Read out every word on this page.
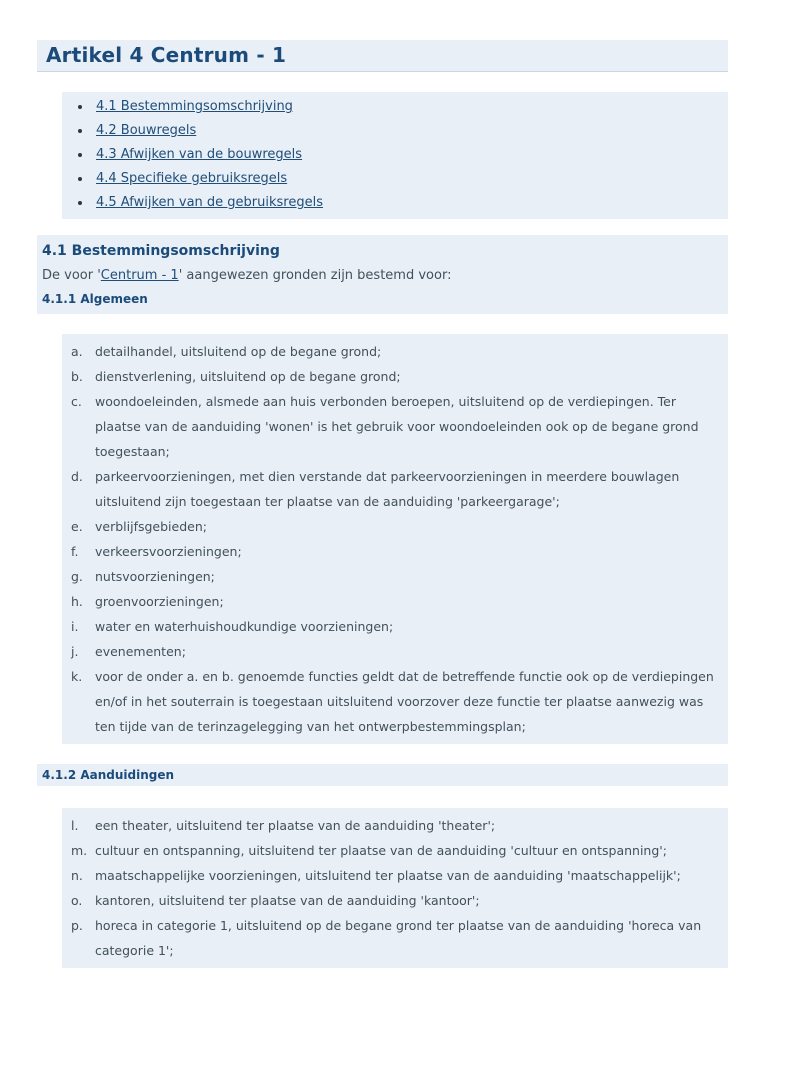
Artikel 4 Centrum - 1
4.1 Bestemmingsomschrijving
4.2 Bouwregels
4.3 Afwijken van de bouwregels
4.4 Specifieke gebruiksregels
4.5 Afwijken van de gebruiksregels
4.1 Bestemmingsomschrijving

De voor 'Centrum - 1' aangewezen gronden zijn bestemd voor:

4.1.1 Algemeen
a. detailhandel, uitsluitend op de begane grond;
b. dienstverlening, uitsluitend op de begane grond;
c. woondoeleinden, alsmede aan huis verbonden beroepen, uitsluitend op de verdiepingen. Ter plaatse van de aanduiding 'wonen' is het gebruik voor woondoeleinden ook op de begane grond toegestaan;
d. parkeervoorzieningen, met dien verstande dat parkeervoorzieningen in meerdere bouwlagen uitsluitend zijn toegestaan ter plaatse van de aanduiding 'parkeergarage';
e. verblijfsgebieden;
f. verkeersvoorzieningen;
g. nutsvoorzieningen;
h. groenvoorzieningen;
i. water en waterhuishoudkundige voorzieningen;
j. evenementen;
k. voor de onder a. en b. genoemde functies geldt dat de betreffende functie ook op de verdiepingen en/of in het souterrain is toegestaan uitsluitend voorzover deze functie ter plaatse aanwezig was ten tijde van de terinzagelegging van het ontwerpbestemmingsplan;
4.1.2 Aanduidingen
l. een theater, uitsluitend ter plaatse van de aanduiding 'theater';
m. cultuur en ontspanning, uitsluitend ter plaatse van de aanduiding 'cultuur en ontspanning';
n. maatschappelijke voorzieningen, uitsluitend ter plaatse van de aanduiding 'maatschappelijk';
o. kantoren, uitsluitend ter plaatse van de aanduiding 'kantoor';
p. horeca in categorie 1, uitsluitend op de begane grond ter plaatse van de aanduiding 'horeca van categorie 1';
